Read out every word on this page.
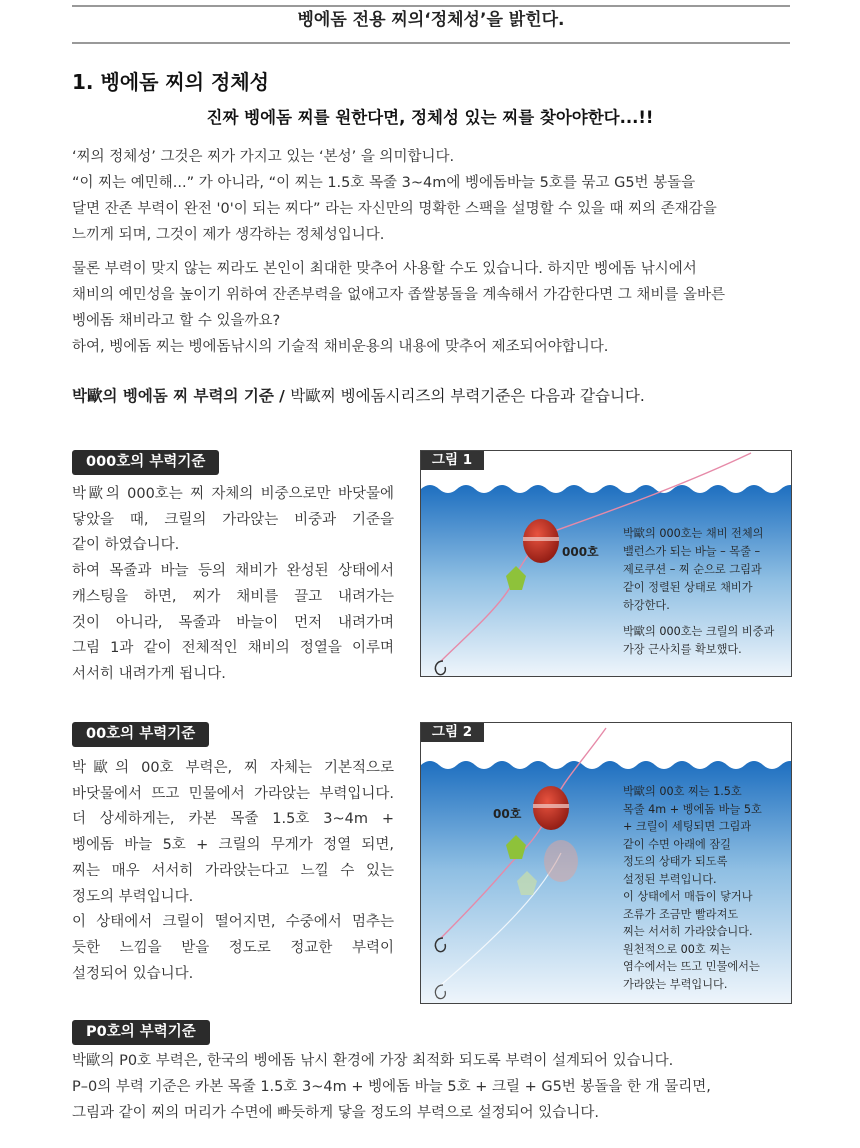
벵에돔 전용 찌의‘정체성’을 밝힌다.
1. 벵에돔 찌의 정체성
진짜 벵에돔 찌를 원한다면, 정체성 있는 찌를 찾아야한다...!!

‘찌의 정체성’ 그것은 찌가 가지고 있는 ‘본성’ 을 의미합니다.

“이 찌는 예민해...” 가 아니라, “이 찌는 1.5호 목줄 3~4m에 벵에돔바늘 5호를 묶고 G5번 봉돌을

달면 잔존 부력이 완전 '0'이 되는 찌다” 라는 자신만의 명확한 스팩을 설명할 수 있을 때 찌의 존재감을

느끼게 되며, 그것이 제가 생각하는 정체성입니다.

물론 부력이 맞지 않는 찌라도 본인이 최대한 맞추어 사용할 수도 있습니다. 하지만 벵에돔 낚시에서

채비의 예민성을 높이기 위하여 잔존부력을 없애고자 좁쌀봉돌을 계속해서 가감한다면 그 채비를 올바른

벵에돔 채비라고 할 수 있을까요?

하여, 벵에돔 찌는 벵에돔낚시의 기술적 채비운용의 내용에 맞추어 제조되어야합니다.

박歐의 벵에돔 찌 부력의 기준 / 박歐찌 벵에돔시리즈의 부력기준은 다음과 같습니다.
000호의 부력기준

박歐의 000호는 찌 자체의 비중으로만 바닷물에

닿았을 때, 크릴의 가라앉는 비중과 기준을

같이 하였습니다.

하여 목줄과 바늘 등의 채비가 완성된 상태에서

캐스팅을 하면, 찌가 채비를 끌고 내려가는

것이 아니라, 목줄과 바늘이 먼저 내려가며

그림 1과 같이 전체적인 채비의 정열을 이루며

서서히 내려가게 됩니다.

그림 1
000호

박歐의 000호는 채비 전체의

밸런스가 되는 바늘 – 목줄 –

제로쿠션 – 찌 순으로 그림과

같이 정렬된 상태로 채비가

하강한다.

박歐의 000호는 크릴의 비중과

가장 근사치를 확보했다.

00호의 부력기준

박歐의 00호 부력은, 찌 자체는 기본적으로

바닷물에서 뜨고 민물에서 가라앉는 부력입니다.

더 상세하게는, 카본 목줄 1.5호 3~4m +

벵에돔 바늘 5호 + 크릴의 무게가 정열 되면,

찌는 매우 서서히 가라앉는다고 느낄 수 있는

정도의 부력입니다.

이 상태에서 크릴이 떨어지면, 수중에서 멈추는

듯한 느낌을 받을 정도로 정교한 부력이

설정되어 있습니다.

그림 2
00호

박歐의 00호 찌는 1.5호

목줄 4m + 벵에돔 바늘 5호

+ 크릴이 세팅되면 그림과

같이 수면 아래에 잠길

정도의 상태가 되도록

설정된 부력입니다.

이 상태에서 매듭이 닿거나

조류가 조금만 빨라져도

찌는 서서히 가라앉습니다.

원천적으로 00호 찌는

염수에서는 뜨고 민물에서는

가라앉는 부력입니다.

P0호의 부력기준

박歐의 P0호 부력은, 한국의 벵에돔 낚시 환경에 가장 최적화 되도록 부력이 설계되어 있습니다.

P–0의 부력 기준은 카본 목줄 1.5호 3~4m + 벵에돔 바늘 5호 + 크릴 + G5번 봉돌을 한 개 물리면,

그림과 같이 찌의 머리가 수면에 빠듯하게 닿을 정도의 부력으로 설정되어 있습니다.
